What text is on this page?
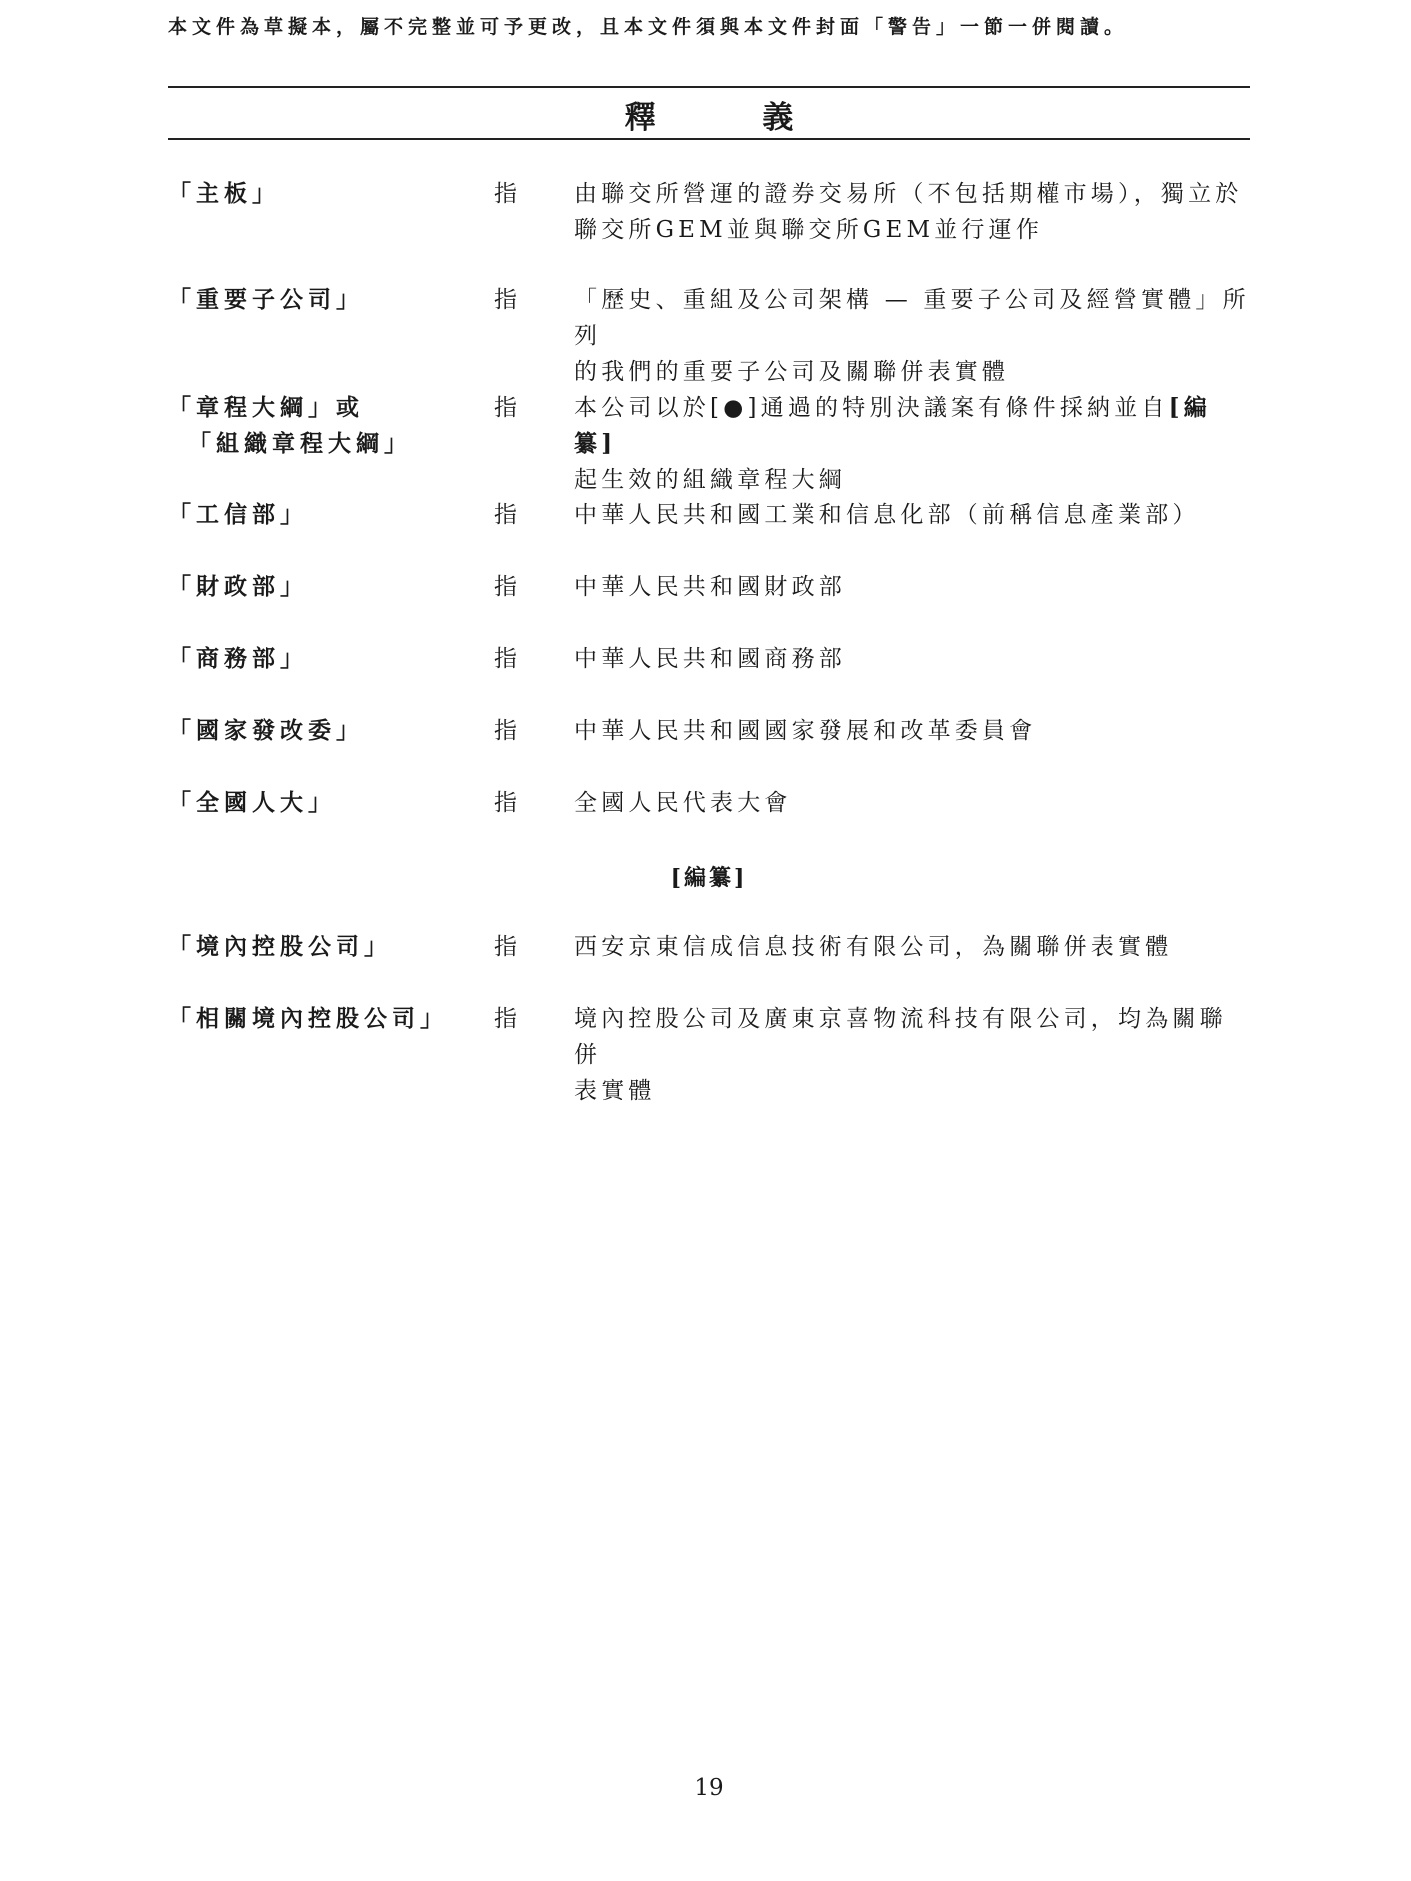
本文件為草擬本，屬不完整並可予更改，且本文件須與本文件封面「警告」一節一併閱讀。
釋 義
「主板」	指 由聯交所營運的證券交易所（不包括期權市場），獨立於
聯交所GEM並與聯交所GEM並行運作
「重要子公司」	指 「歷史、重組及公司架構 — 重要子公司及經營實體」所列
的我們的重要子公司及關聯併表實體
「章程大綱」或
「組織章程大綱」
指 本公司以於[●]通過的特別決議案有條件採納並自[編纂]
起生效的組織章程大綱
「工信部」	指 中華人民共和國工業和信息化部（前稱信息產業部）
「財政部」	指 中華人民共和國財政部
「商務部」	指 中華人民共和國商務部
「國家發改委」	指 中華人民共和國國家發展和改革委員會
「全國人大」	指 全國人民代表大會
[編纂]
「境內控股公司」	指 西安京東信成信息技術有限公司，為關聯併表實體
「相關境內控股公司」	指 境內控股公司及廣東京喜物流科技有限公司，均為關聯併
表實體
19
